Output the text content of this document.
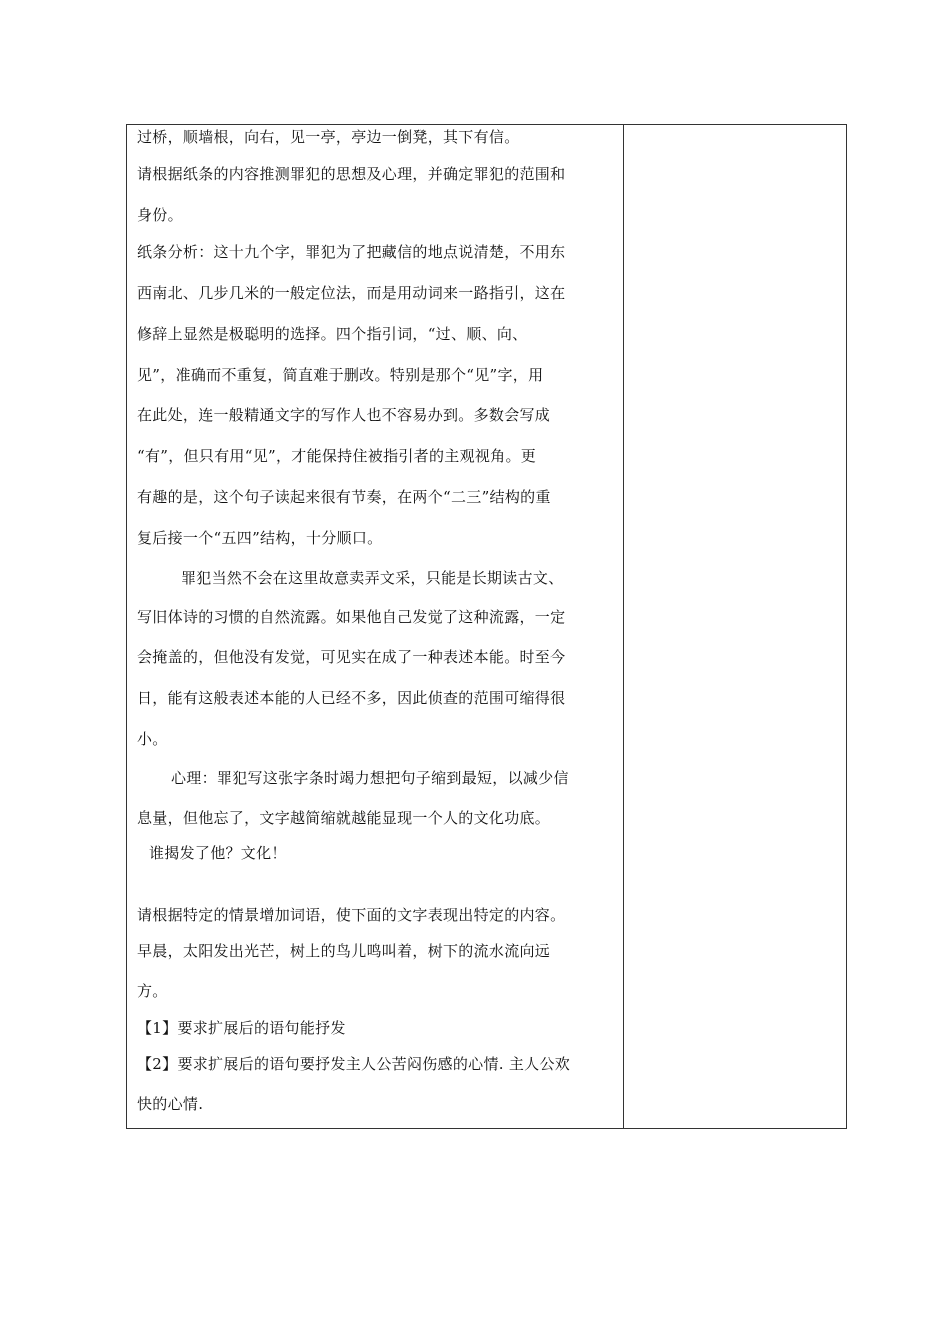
过桥，顺墙根，向右，见一亭，亭边一倒凳，其下有信。
请根据纸条的内容推测罪犯的思想及心理，并确定罪犯的范围和
身份。
纸条分析：这十九个字，罪犯为了把藏信的地点说清楚，不用东
西南北、几步几米的一般定位法，而是用动词来一路指引，这在
修辞上显然是极聪明的选择。四个指引词，“过、顺、向、
见”，准确而不重复，简直难于删改。特别是那个“见”字，用
在此处，连一般精通文字的写作人也不容易办到。多数会写成
“有”，但只有用“见”，才能保持住被指引者的主观视角。更
有趣的是，这个句子读起来很有节奏，在两个“二三”结构的重
复后接一个“五四”结构，十分顺口。
罪犯当然不会在这里故意卖弄文采，只能是长期读古文、
写旧体诗的习惯的自然流露。如果他自己发觉了这种流露，一定
会掩盖的，但他没有发觉，可见实在成了一种表述本能。时至今
日，能有这般表述本能的人已经不多，因此侦查的范围可缩得很
小。
心理：罪犯写这张字条时竭力想把句子缩到最短，以减少信
息量，但他忘了，文字越简缩就越能显现一个人的文化功底。
谁揭发了他？文化！
请根据特定的情景增加词语，使下面的文字表现出特定的内容。
早晨，太阳发出光芒，树上的鸟儿鸣叫着，树下的流水流向远
方。
【1】要求扩展后的语句能抒发
【2】要求扩展后的语句要抒发主人公苦闷伤感的心情. 主人公欢
快的心情.
